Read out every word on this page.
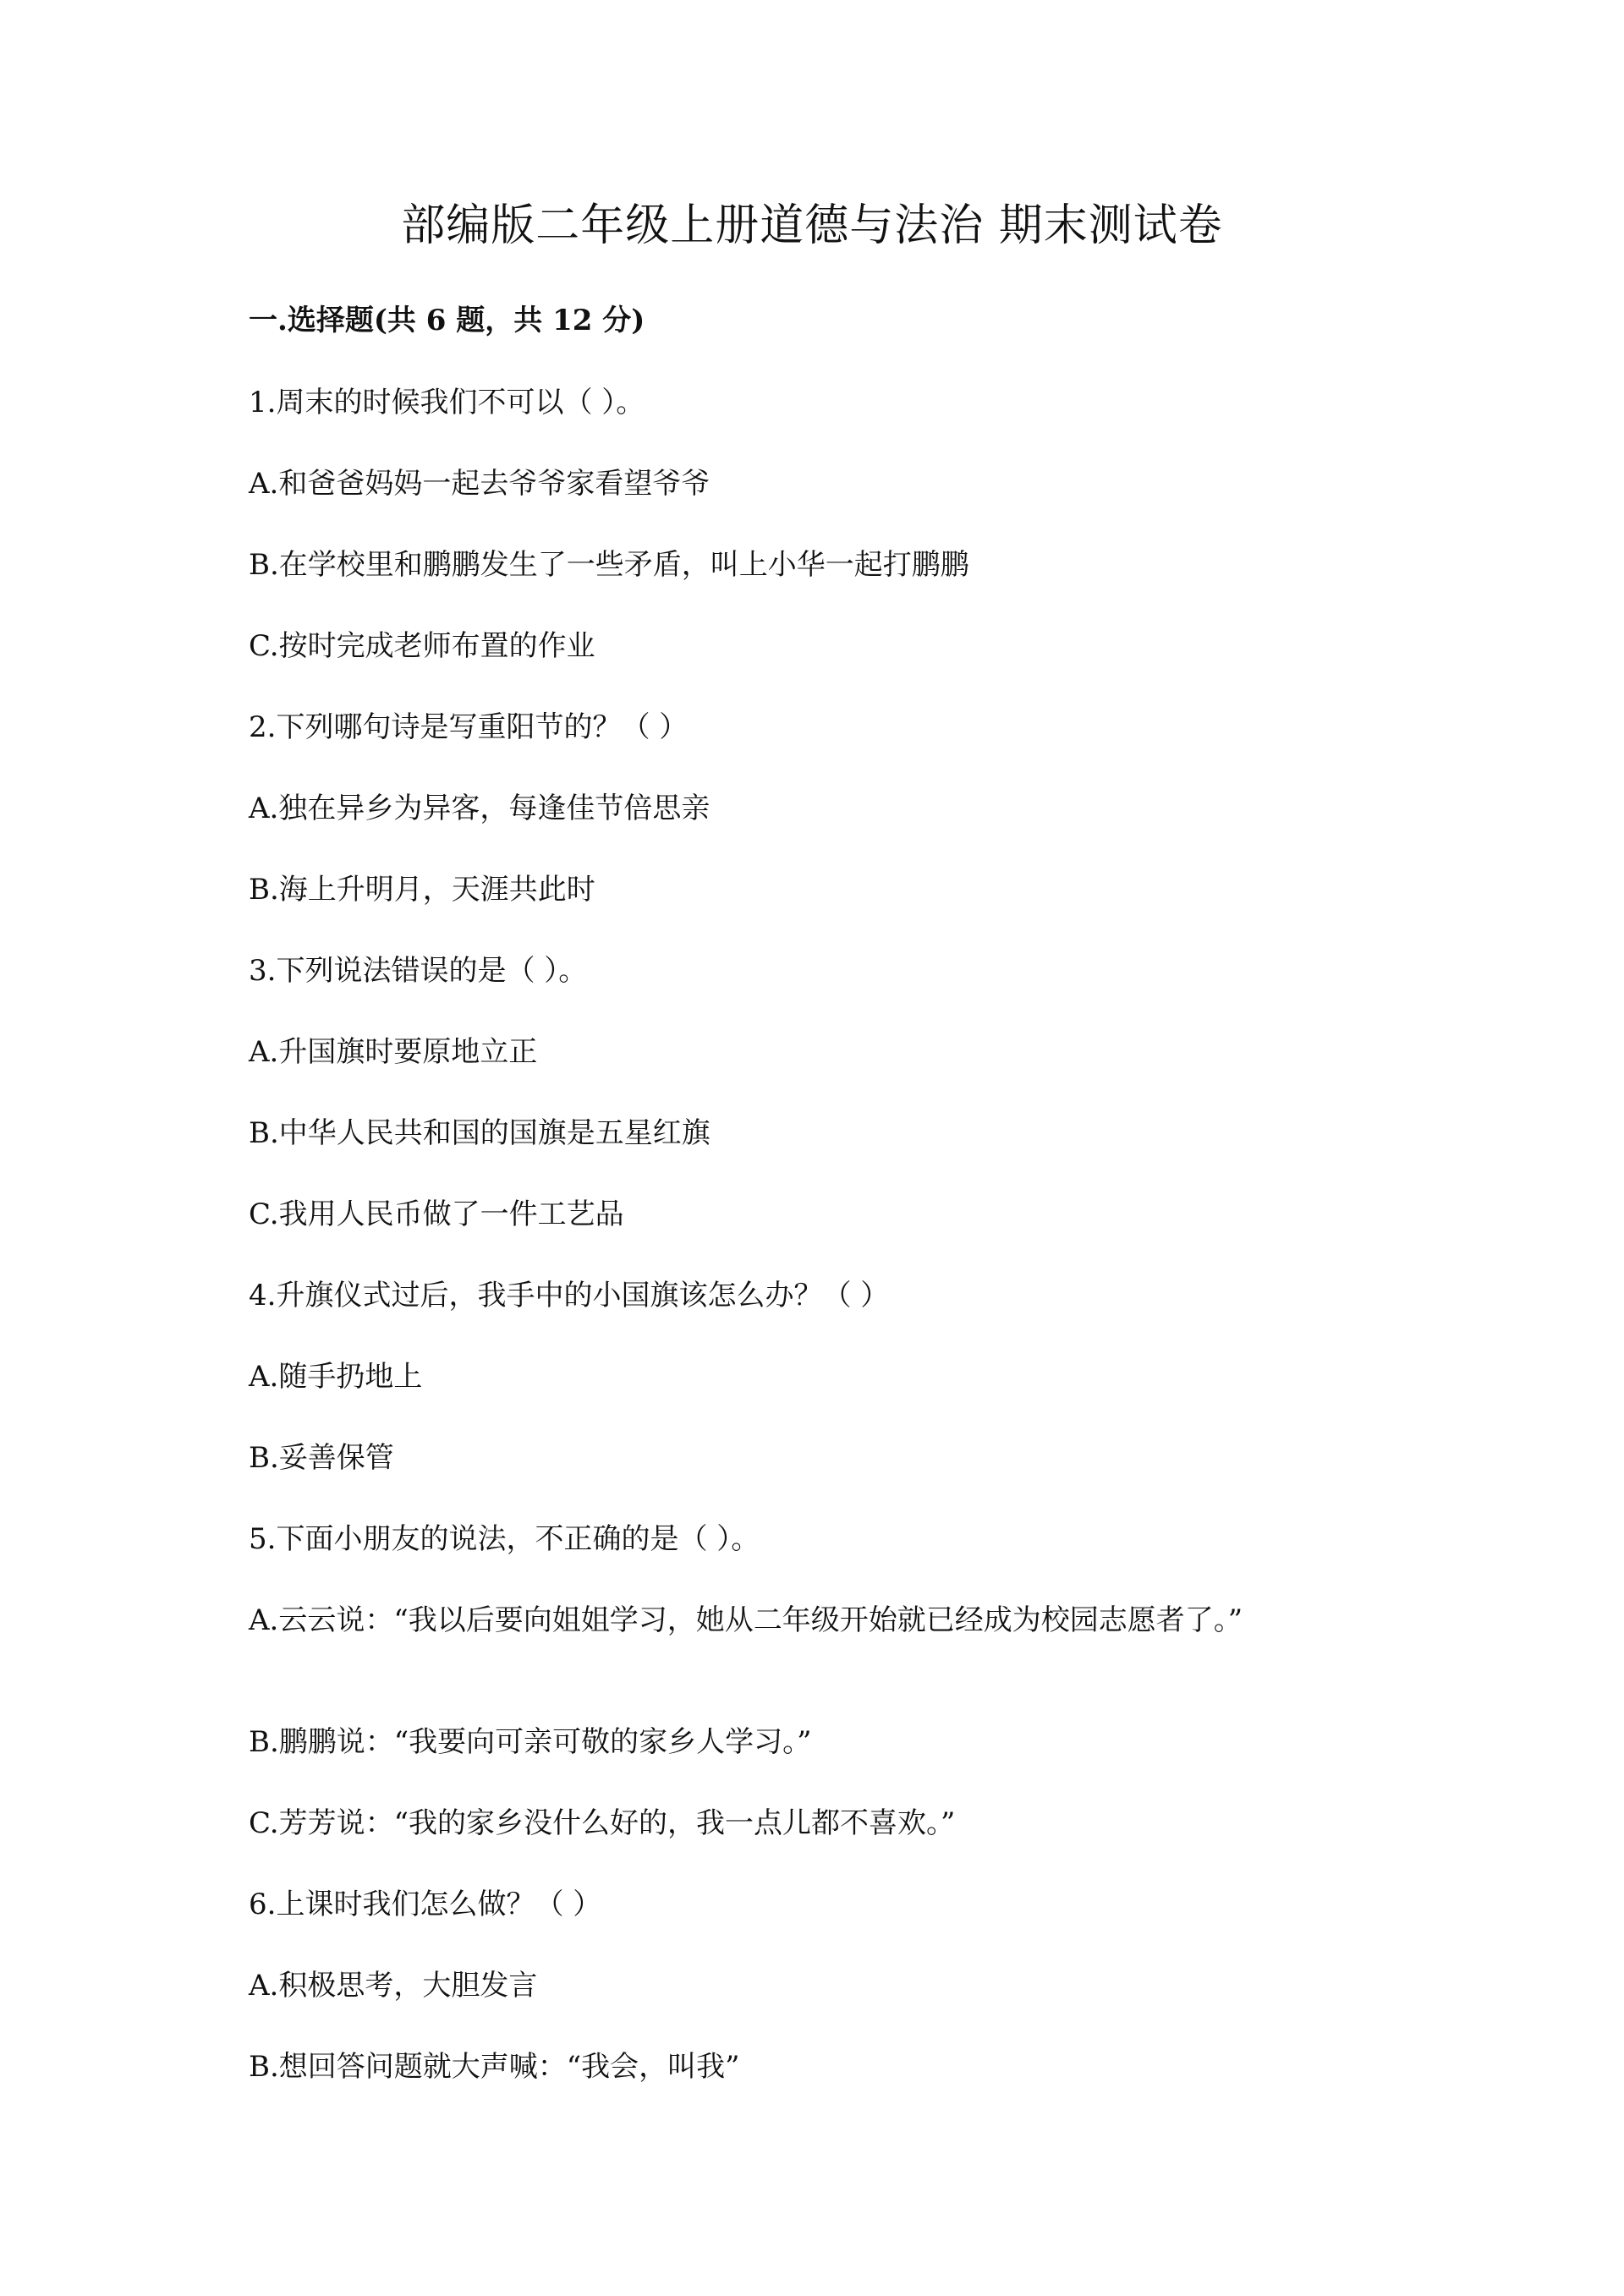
部编版二年级上册道德与法治 期末测试卷
一.选择题(共 6 题，共 12 分)
1.周末的时候我们不可以（ ）。
A.和爸爸妈妈一起去爷爷家看望爷爷
B.在学校里和鹏鹏发生了一些矛盾，叫上小华一起打鹏鹏
C.按时完成老师布置的作业
2.下列哪句诗是写重阳节的？（ ）
A.独在异乡为异客，每逢佳节倍思亲
B.海上升明月，天涯共此时
3.下列说法错误的是（ ）。
A.升国旗时要原地立正
B.中华人民共和国的国旗是五星红旗
C.我用人民币做了一件工艺品
4.升旗仪式过后，我手中的小国旗该怎么办？（ ）
A.随手扔地上
B.妥善保管
5.下面小朋友的说法，不正确的是（ ）。
A.云云说：“我以后要向姐姐学习，她从二年级开始就已经成为校园志愿者了。”
B.鹏鹏说：“我要向可亲可敬的家乡人学习。”
C.芳芳说：“我的家乡没什么好的，我一点儿都不喜欢。”
6.上课时我们怎么做？（ ）
A.积极思考，大胆发言
B.想回答问题就大声喊：“我会，叫我”
